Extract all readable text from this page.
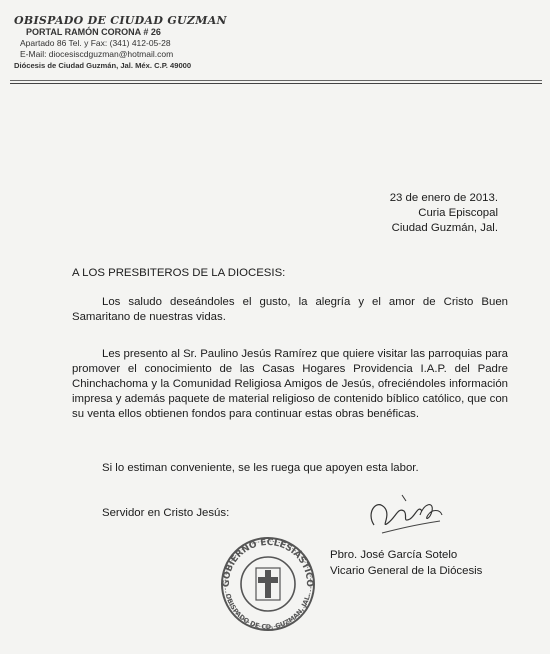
OBISPADO DE CIUDAD GUZMAN
PORTAL RAMÓN CORONA # 26
Apartado 86 Tel. y Fax: (341) 412-05-28
E-Mail: diocesiscdguzman@hotmail.com
Diócesis de Ciudad Guzmán, Jal. Méx. C.P. 49000
23 de enero de 2013.
Curia Episcopal
Ciudad Guzmán, Jal.
A LOS PRESBITEROS DE LA DIOCESIS:
Los saludo deseándoles el gusto, la alegría y el amor de Cristo Buen Samaritano de nuestras vidas.
Les presento al Sr. Paulino Jesús Ramírez que quiere visitar las parroquias para promover el conocimiento de las Casas Hogares Providencia I.A.P. del Padre Chinchachoma y la Comunidad Religiosa Amigos de Jesús, ofreciéndoles información impresa y además paquete de material religioso de contenido bíblico católico, que con su venta ellos obtienen fondos para continuar estas obras benéficas.
Si lo estiman conveniente, se les ruega que apoyen esta labor.
Servidor en Cristo Jesús:
GOBIERNO ECLESIÁSTICO
OBISPADO DE CD. GUZMAN, JAL.
Pbro. José García Sotelo
Vicario General de la Diócesis
